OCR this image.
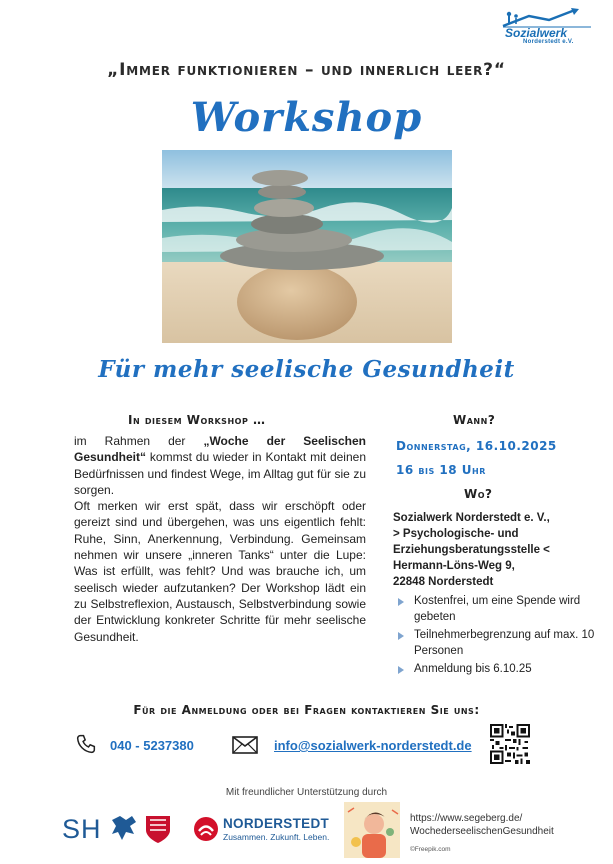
Sozialwerk
Norderstedt e.V.
„Immer funktionieren – und innerlich leer?“
Workshop
Für mehr seelische Gesundheit
In diesem Workshop …

im Rahmen der „Woche der Seelischen Gesundheit“ kommst du wieder in Kontakt mit deinen Bedürfnissen und findest Wege, im Alltag gut für sie zu sorgen.

Oft merken wir erst spät, dass wir erschöpft oder gereizt sind und übergehen, was uns eigentlich fehlt: Ruhe, Sinn, Anerkennung, Verbindung. Gemeinsam nehmen wir unsere „inneren Tanks“ unter die Lupe: Was ist erfüllt, was fehlt? Und was brauche ich, um seelisch wieder aufzutanken? Der Workshop lädt ein zu Selbstreflexion, Austausch, Selbstverbindung sowie der Entwicklung konkreter Schritte für mehr seelische Gesundheit.

Wann?
Donnerstag, 16.10.2025
16 bis 18 Uhr
Wo?
Sozialwerk Norderstedt e. V.,
> Psychologische- und
Erziehungsberatungsstelle <
Hermann-Löns-Weg 9,
22848 Norderstedt
Kostenfrei, um eine Spende wird gebeten
Teilnehmerbegrenzung auf max. 10 Personen
Anmeldung bis 6.10.25
Für die Anmeldung oder bei Fragen kontaktieren Sie uns:
040 - 5237380	info@sozialwerk-norderstedt.de
Mit freundlicher Unterstützung durch
SH	NORDERSTEDT
Zusammen. Zukunft. Leben.
https://www.segeberg.de/
WochederseelischenGesundheit
©Freepik.com
